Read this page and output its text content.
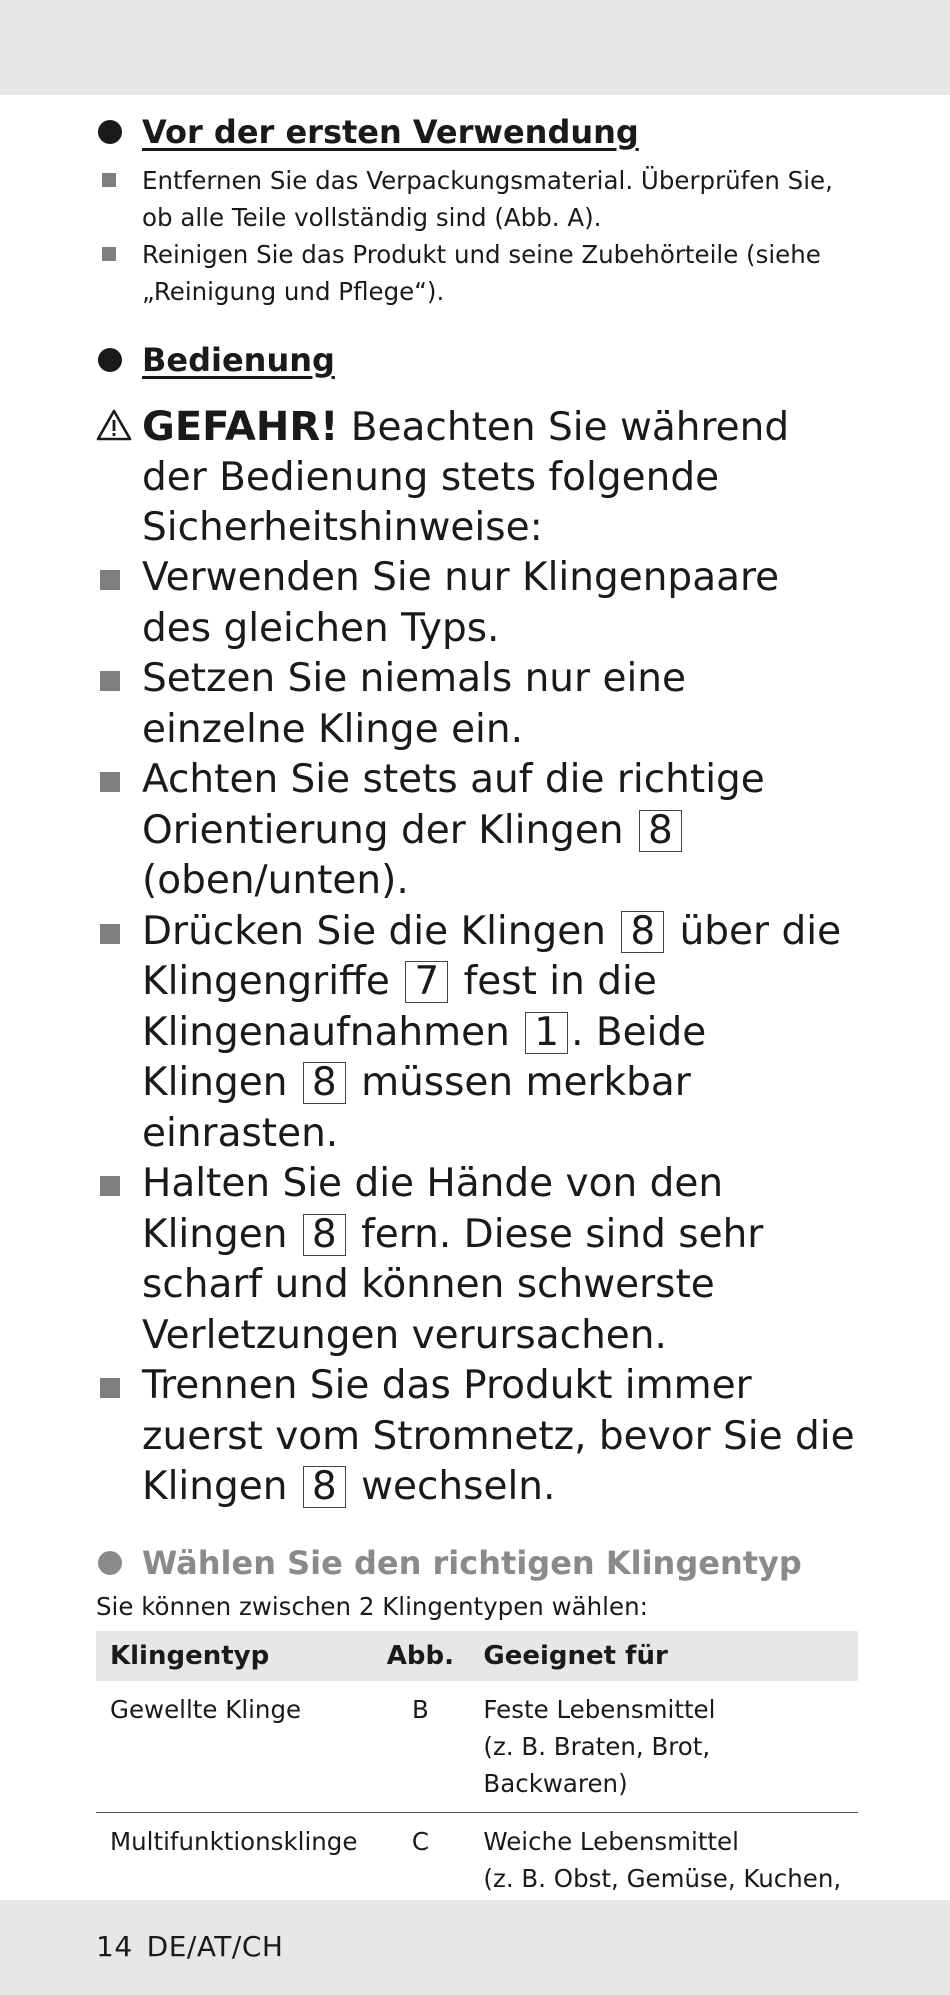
Vor der ersten Verwendung
Entfernen Sie das Verpackungsmaterial. Überprüfen Sie, ob alle Teile vollständig sind (Abb. A).
Reinigen Sie das Produkt und seine Zubehörteile (siehe „Reinigung und Pflege“).
Bedienung
GEFAHR! Beachten Sie während der Bedienung stets folgende Sicherheitshinweise:
Verwenden Sie nur Klingenpaare des gleichen Typs.
Setzen Sie niemals nur eine einzelne Klinge ein.
Achten Sie stets auf die richtige Orientierung der Klingen 8
(oben/unten).
Drücken Sie die Klingen 8 über die Klingengriffe 7 fest in die Klingenaufnahmen 1 . Beide Klingen 8 müssen merkbar einrasten.
Halten Sie die Hände von den Klingen 8 fern. Diese sind sehr scharf und können schwerste Verletzungen verursachen.
Trennen Sie das Produkt immer zuerst vom Stromnetz, bevor Sie die Klingen 8 wechseln.
Wählen Sie den richtigen Klingentyp
Sie können zwischen 2 Klingentypen wählen:
Klingentyp	Abb.	Geeignet für
Gewellte Klinge	B	Feste Lebensmittel
(z. B. Braten, Brot, Backwaren)
Multifunktionsklinge	C	Weiche Lebensmittel
(z. B. Obst, Gemüse, Kuchen,
14 DE/AT/CH
